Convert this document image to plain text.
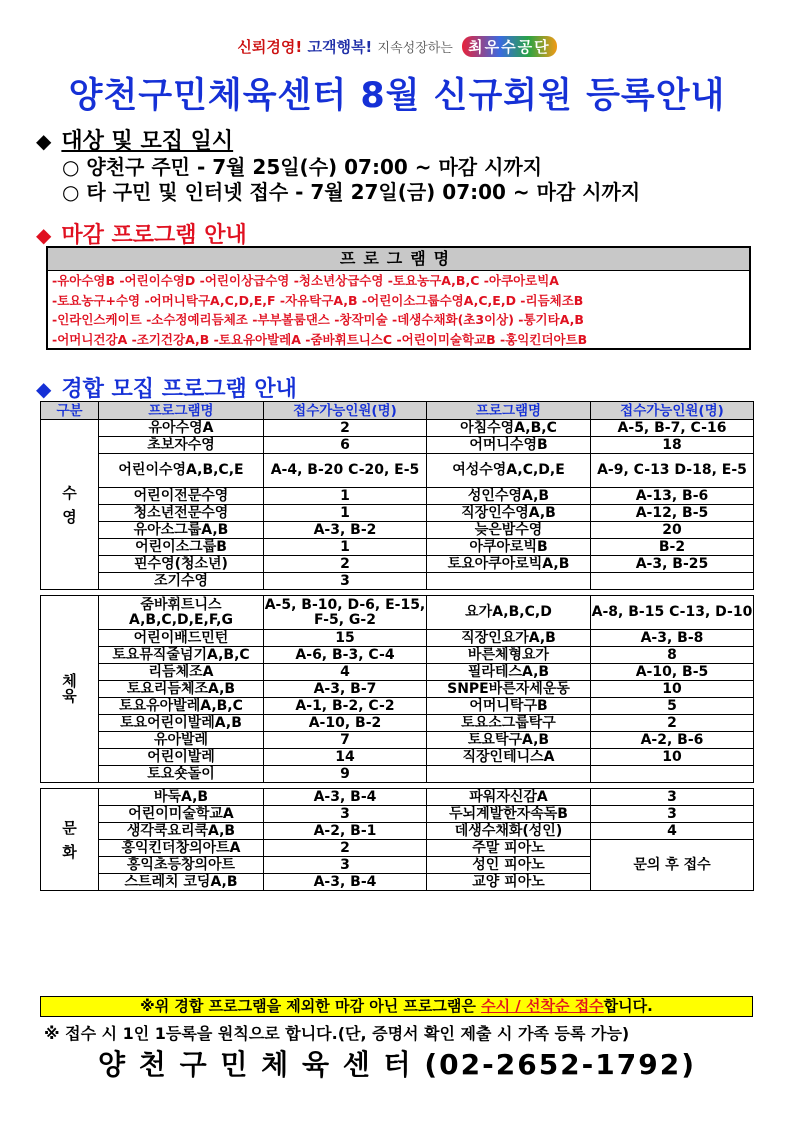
신뢰경영! 고객행복! 지속성장하는 최우수공단
양천구민체육센터 8월 신규회원 등록안내
◆ 대상 및 모집 일시
○ 양천구 주민 - 7월 25일(수) 07:00 ~ 마감 시까지
○ 타 구민 및 인터넷 접수 - 7월 27일(금) 07:00 ~ 마감 시까지
◆ 마감 프로그램 안내
프로그램명
-유아수영B -어린이수영D -어린이상급수영 -청소년상급수영 -토요농구A,B,C -아쿠아로빅A
-토요농구+수영 -어머니탁구A,C,D,E,F -자유탁구A,B -어린이소그룹수영A,C,E,D -리듬체조B
-인라인스케이트 -소수정예리듬체조 -부부볼룸댄스 -창작미술 -데생수채화(초3이상) -통기타A,B
-어머니건강A -조기건강A,B -토요유아발레A -줌바휘트니스C -어린이미술학교B -홍익킨더아트B
◆ 경합 모집 프로그램 안내
구분	프로그램명	접수가능인원(명)	프로그램명	접수가능인원(명)

수
영	유아수영A	2	아침수영A,B,C	A-5, B-7, C-16
	초보자수영	6	어머니수영B	18
	어린이수영A,B,C,E	A-4, B-20 C-20, E-5	여성수영A,C,D,E	A-9, C-13 D-18, E-5
	어린이전문수영	1	성인수영A,B	A-13, B-6
	청소년전문수영	1	직장인수영A,B	A-12, B-5
	유아소그룹A,B	A-3, B-2	늦은밤수영	20
	어린이소그룹B	1	아쿠아로빅B	B-2
	핀수영(청소년)	2	토요아쿠아로빅A,B	A-3, B-25
	조기수영	3		

체
육	줌바휘트니스 A,B,C,D,E,F,G	A-5, B-10, D-6, E-15, F-5, G-2	요가A,B,C,D	A-8, B-15 C-13, D-10
	어린이배드민턴	15	직장인요가A,B	A-3, B-8
	토요뮤직줄넘기A,B,C	A-6, B-3, C-4	바른체형요가	8
	리듬체조A	4	필라테스A,B	A-10, B-5
	토요리듬체조A,B	A-3, B-7	SNPE바른자세운동	10
	토요유아발레A,B,C	A-1, B-2, C-2	어머니탁구B	5
	토요어린이발레A,B	A-10, B-2	토요소그룹탁구	2
	유아발레	7	토요탁구A,B	A-2, B-6
	어린이발레	14	직장인테니스A	10
	토요숏돌이	9		

문
화	바둑A,B	A-3, B-4	파워자신감A	3
	어린이미술학교A	3	두뇌계발한자속독B	3
	생각쿡요리쿡A,B	A-2, B-1	데생수채화(성인)	4
	홍익킨더창의아트A	2	주말 피아노	문의 후 접수
	홍익초등창의아트	3	성인 피아노	
	스트레치 코딩A,B	A-3, B-4	교양 피아노	
※위 경합 프로그램을 제외한 마감 아닌 프로그램은 수시 / 선착순 접수합니다.
※ 접수 시 1인 1등록을 원칙으로 합니다.(단, 증명서 확인 제출 시 가족 등록 가능)
양 천 구 민 체 육 센 터 (02-2652-1792)
